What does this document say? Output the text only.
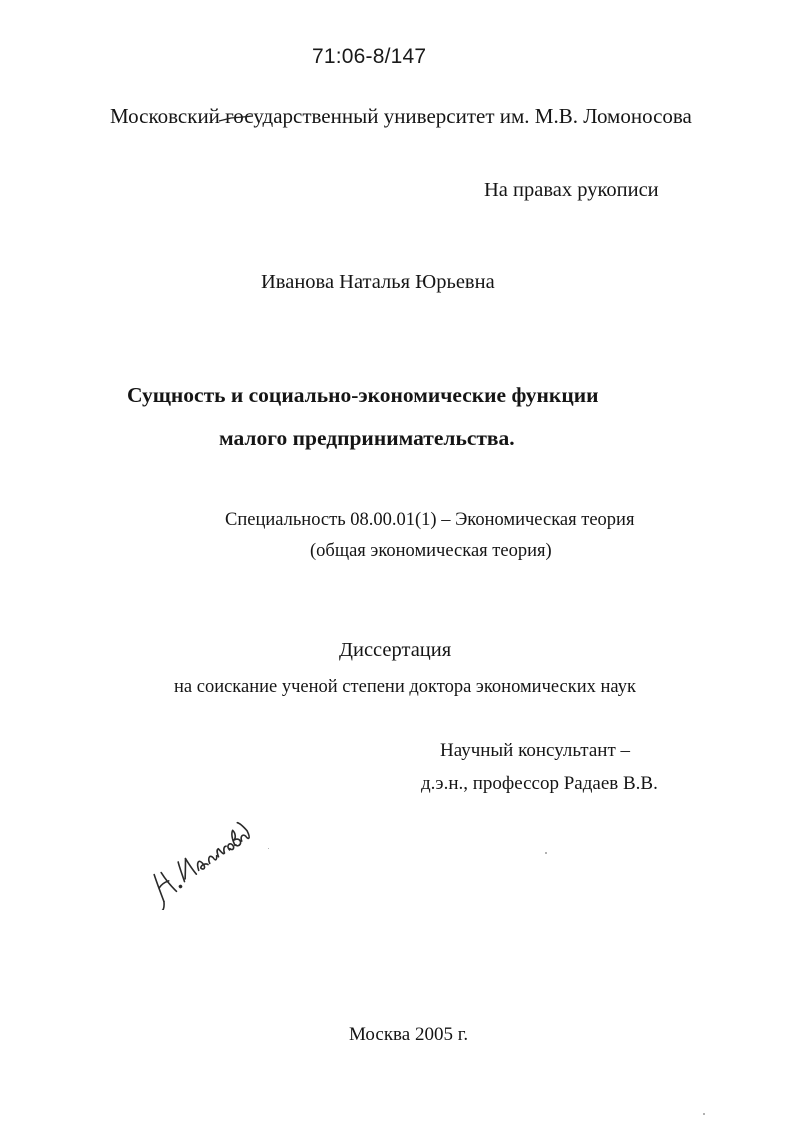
71:06-8/147
Московский государственный университет им. М.В. Ломоносова
На правах рукописи
Иванова Наталья Юрьевна
Сущность и социально-экономические функции
малого предпринимательства.
Специальность 08.00.01(1) – Экономическая теория
(общая экономическая теория)
Диссертация
на соискание ученой степени доктора экономических наук
Научный консультант –
д.э.н., профессор Радаев В.В.
Москва 2005 г.
